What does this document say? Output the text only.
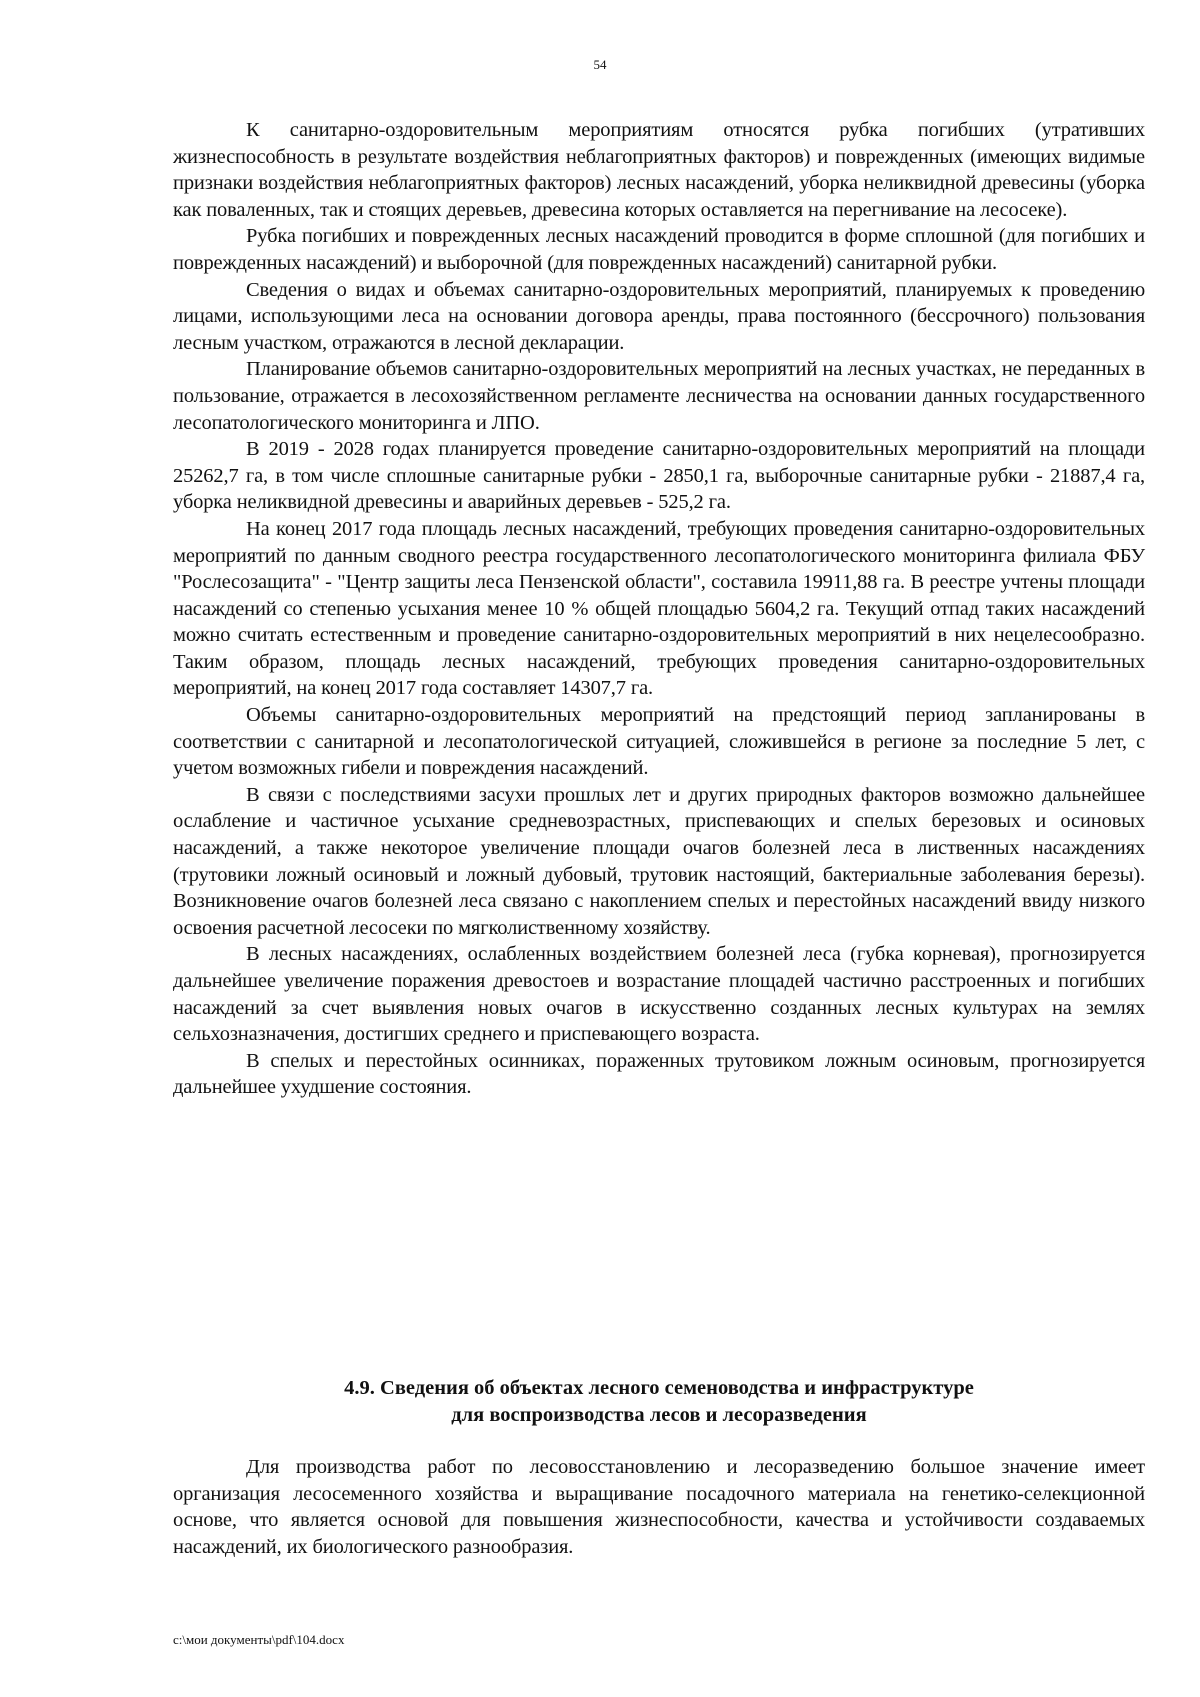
54

К санитарно-оздоровительным мероприятиям относятся рубка погибших (утративших жизнеспособность в результате воздействия неблагоприятных факторов) и поврежденных (имеющих видимые признаки воздействия неблагоприятных факторов) лесных насаждений, уборка неликвидной древесины (уборка как поваленных, так и стоящих деревьев, древесина которых оставляется на перегнивание на лесосеке).

Рубка погибших и поврежденных лесных насаждений проводится в форме сплошной (для погибших и поврежденных насаждений) и выборочной (для поврежденных насаждений) санитарной рубки.

Сведения о видах и объемах санитарно-оздоровительных мероприятий, планируемых к проведению лицами, использующими леса на основании договора аренды, права постоянного (бессрочного) пользования лесным участком, отражаются в лесной декларации.

Планирование объемов санитарно-оздоровительных мероприятий на лесных участках, не переданных в пользование, отражается в лесохозяйственном регламенте лесничества на основании данных государственного лесопатологического мониторинга и ЛПО.

В 2019 - 2028 годах планируется проведение санитарно-оздоровительных мероприятий на площади 25262,7 га, в том числе сплошные санитарные рубки - 2850,1 га, выборочные санитарные рубки - 21887,4 га, уборка неликвидной древесины и аварийных деревьев - 525,2 га.

На конец 2017 года площадь лесных насаждений, требующих проведения санитарно-оздоровительных мероприятий по данным сводного реестра государственного лесопатологического мониторинга филиала ФБУ "Рослесозащита" - "Центр защиты леса Пензенской области", составила 19911,88 га. В реестре учтены площади насаждений со степенью усыхания менее 10 % общей площадью 5604,2 га. Текущий отпад таких насаждений можно считать естественным и проведение санитарно-оздоровительных мероприятий в них нецелесообразно. Таким образом, площадь лесных насаждений, требующих проведения санитарно-оздоровительных мероприятий, на конец 2017 года составляет 14307,7 га.

Объемы санитарно-оздоровительных мероприятий на предстоящий период запланированы в соответствии с санитарной и лесопатологической ситуацией, сложившейся в регионе за последние 5 лет, с учетом возможных гибели и повреждения насаждений.

В связи с последствиями засухи прошлых лет и других природных факторов возможно дальнейшее ослабление и частичное усыхание средневозрастных, приспевающих и спелых березовых и осиновых насаждений, а также некоторое увеличение площади очагов болезней леса в лиственных насаждениях (трутовики ложный осиновый и ложный дубовый, трутовик настоящий, бактериальные заболевания березы). Возникновение очагов болезней леса связано с накоплением спелых и перестойных насаждений ввиду низкого освоения расчетной лесосеки по мягколиственному хозяйству.

В лесных насаждениях, ослабленных воздействием болезней леса (губка корневая), прогнозируется дальнейшее увеличение поражения древостоев и возрастание площадей частично расстроенных и погибших насаждений за счет выявления новых очагов в искусственно созданных лесных культурах на землях сельхозназначения, достигших среднего и приспевающего возраста.

В спелых и перестойных осинниках, пораженных трутовиком ложным осиновым, прогнозируется дальнейшее ухудшение состояния.

4.9. Сведения об объектах лесного семеноводства и инфраструктуре
для воспроизводства лесов и лесоразведения

Для производства работ по лесовосстановлению и лесоразведению большое значение имеет организация лесосеменного хозяйства и выращивание посадочного материала на генетико-селекционной основе, что является основой для повышения жизнеспособности, качества и устойчивости создаваемых насаждений, их биологического разнообразия.

c:\мои документы\pdf\104.docx
